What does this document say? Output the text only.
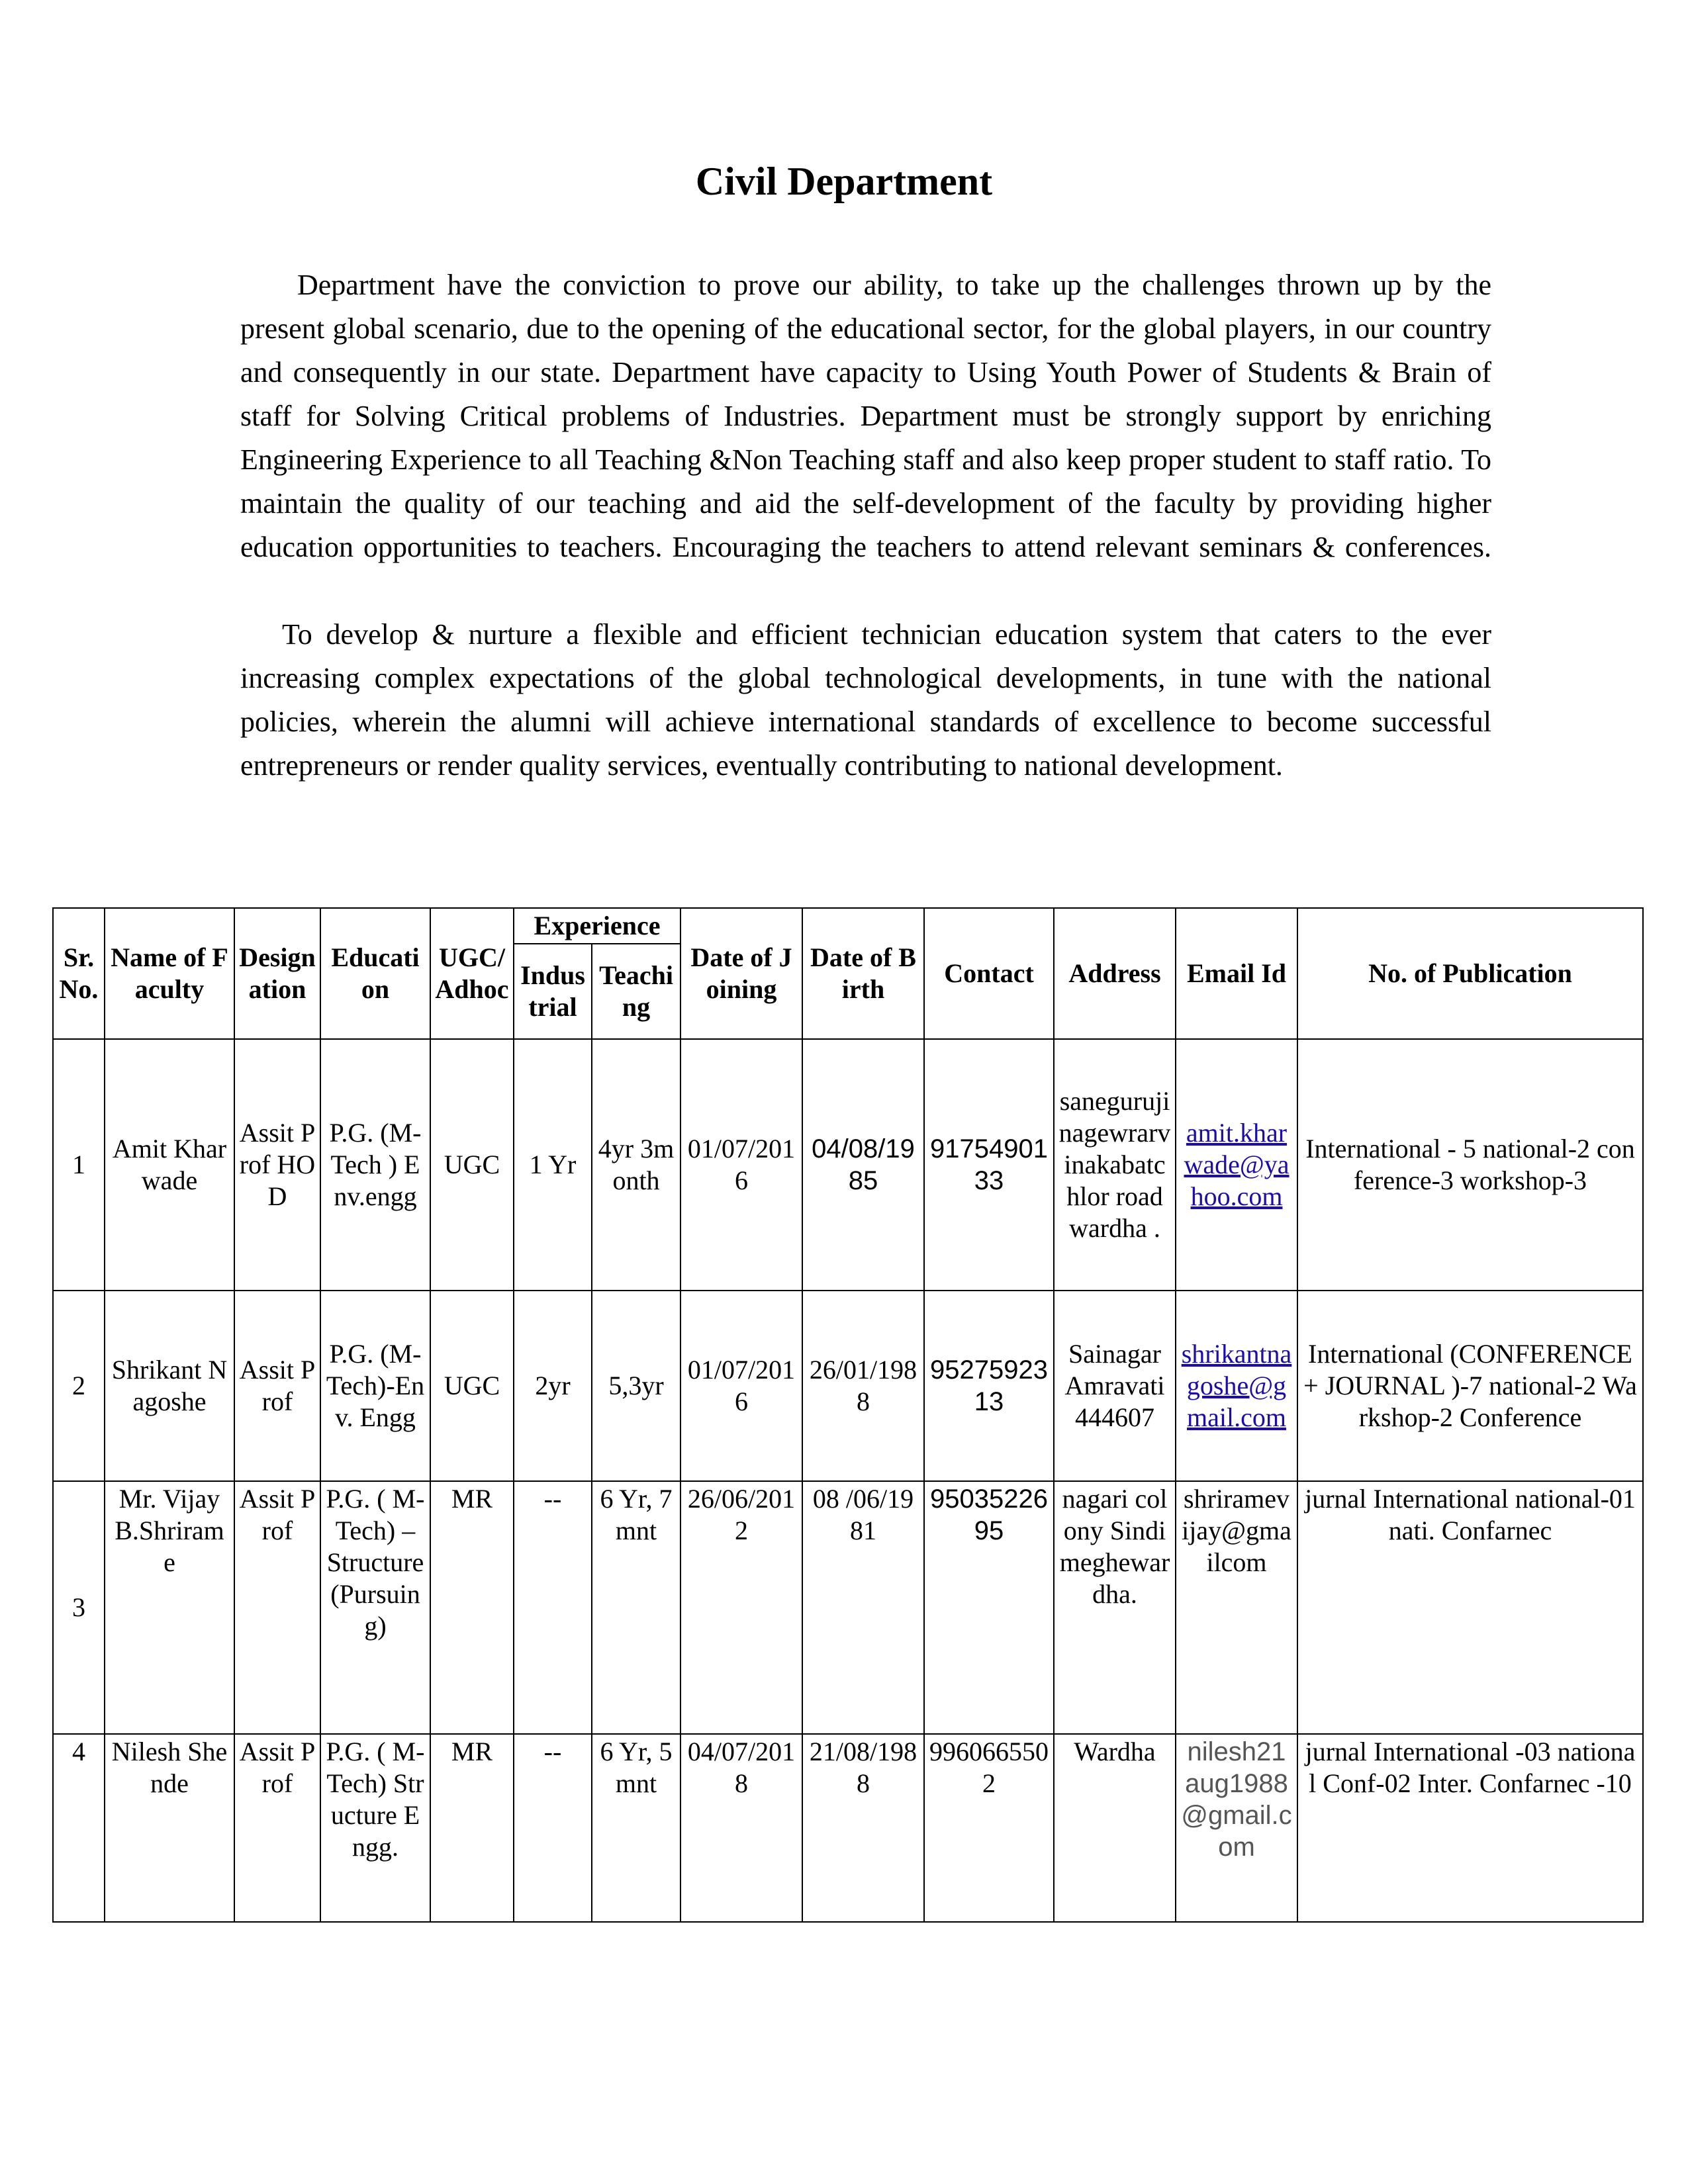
Civil Department

Department have the conviction to prove our ability, to take up the challenges thrown up by the present global scenario, due to the opening of the educational sector, for the global players, in our country and consequently in our state. Department have capacity to Using Youth Power of Students & Brain of staff for Solving Critical problems of Industries. Department must be strongly support by enriching Engineering Experience to all Teaching &Non Teaching staff and also keep proper student to staff ratio. To maintain the quality of our teaching and aid the self-development of the faculty by providing higher education opportunities to teachers. Encouraging the teachers to attend relevant seminars & conferences.

To develop & nurture a flexible and efficient technician education system that caters to the ever increasing complex expectations of the global technological developments, in tune with the national policies, wherein the alumni will achieve international standards of excellence to become successful entrepreneurs or render quality services, eventually contributing to national development.

Sr. No.	Name of Faculty	Designation	Education	UGC/ Adhoc	Experience		Date of Joining	Date of Birth	Contact	Address	Email Id	No. of Publication
					Industrial	Teaching						
1	Amit Kharwade	Assit Prof HOD	P.G. (M-Tech ) Env.engg	UGC	1 Yr	4yr 3month	01/07/2016	04/08/1985	9175490133	sanegurujinagewrarvinakabatchlor road wardha .	amit.kharwade@yahoo.com	International - 5 national-2 conference-3 workshop-3
2	Shrikant Nagoshe	Assit Prof	P.G. (M-Tech)-Env. Engg	UGC	2yr	5,3yr	01/07/2016	26/01/1988	9527592313	Sainagar Amravati 444607	shrikantnagoshe@gmail.com	International (CONFERENCE+ JOURNAL )-7 national-2 Warkshop-2 Conference
3	Mr. Vijay B.Shrirame	Assit Prof	P.G. ( M-Tech) – Structure (Pursuing)	MR	--	6 Yr, 7 mnt	26/06/2012	08 /06/1981	9503522695	nagari colony Sindimeghewardha.	shriramevijay@gmailcom	jurnal International national-01 nati. Confarnec
4	Nilesh Shende	Assit Prof	P.G. ( M-Tech) Structure Engg.	MR	--	6 Yr, 5 mnt	04/07/2018	21/08/1988	9960665502	Wardha	nilesh21aug1988@gmail.com	jurnal International -03 national Conf-02 Inter. Confarnec -10
